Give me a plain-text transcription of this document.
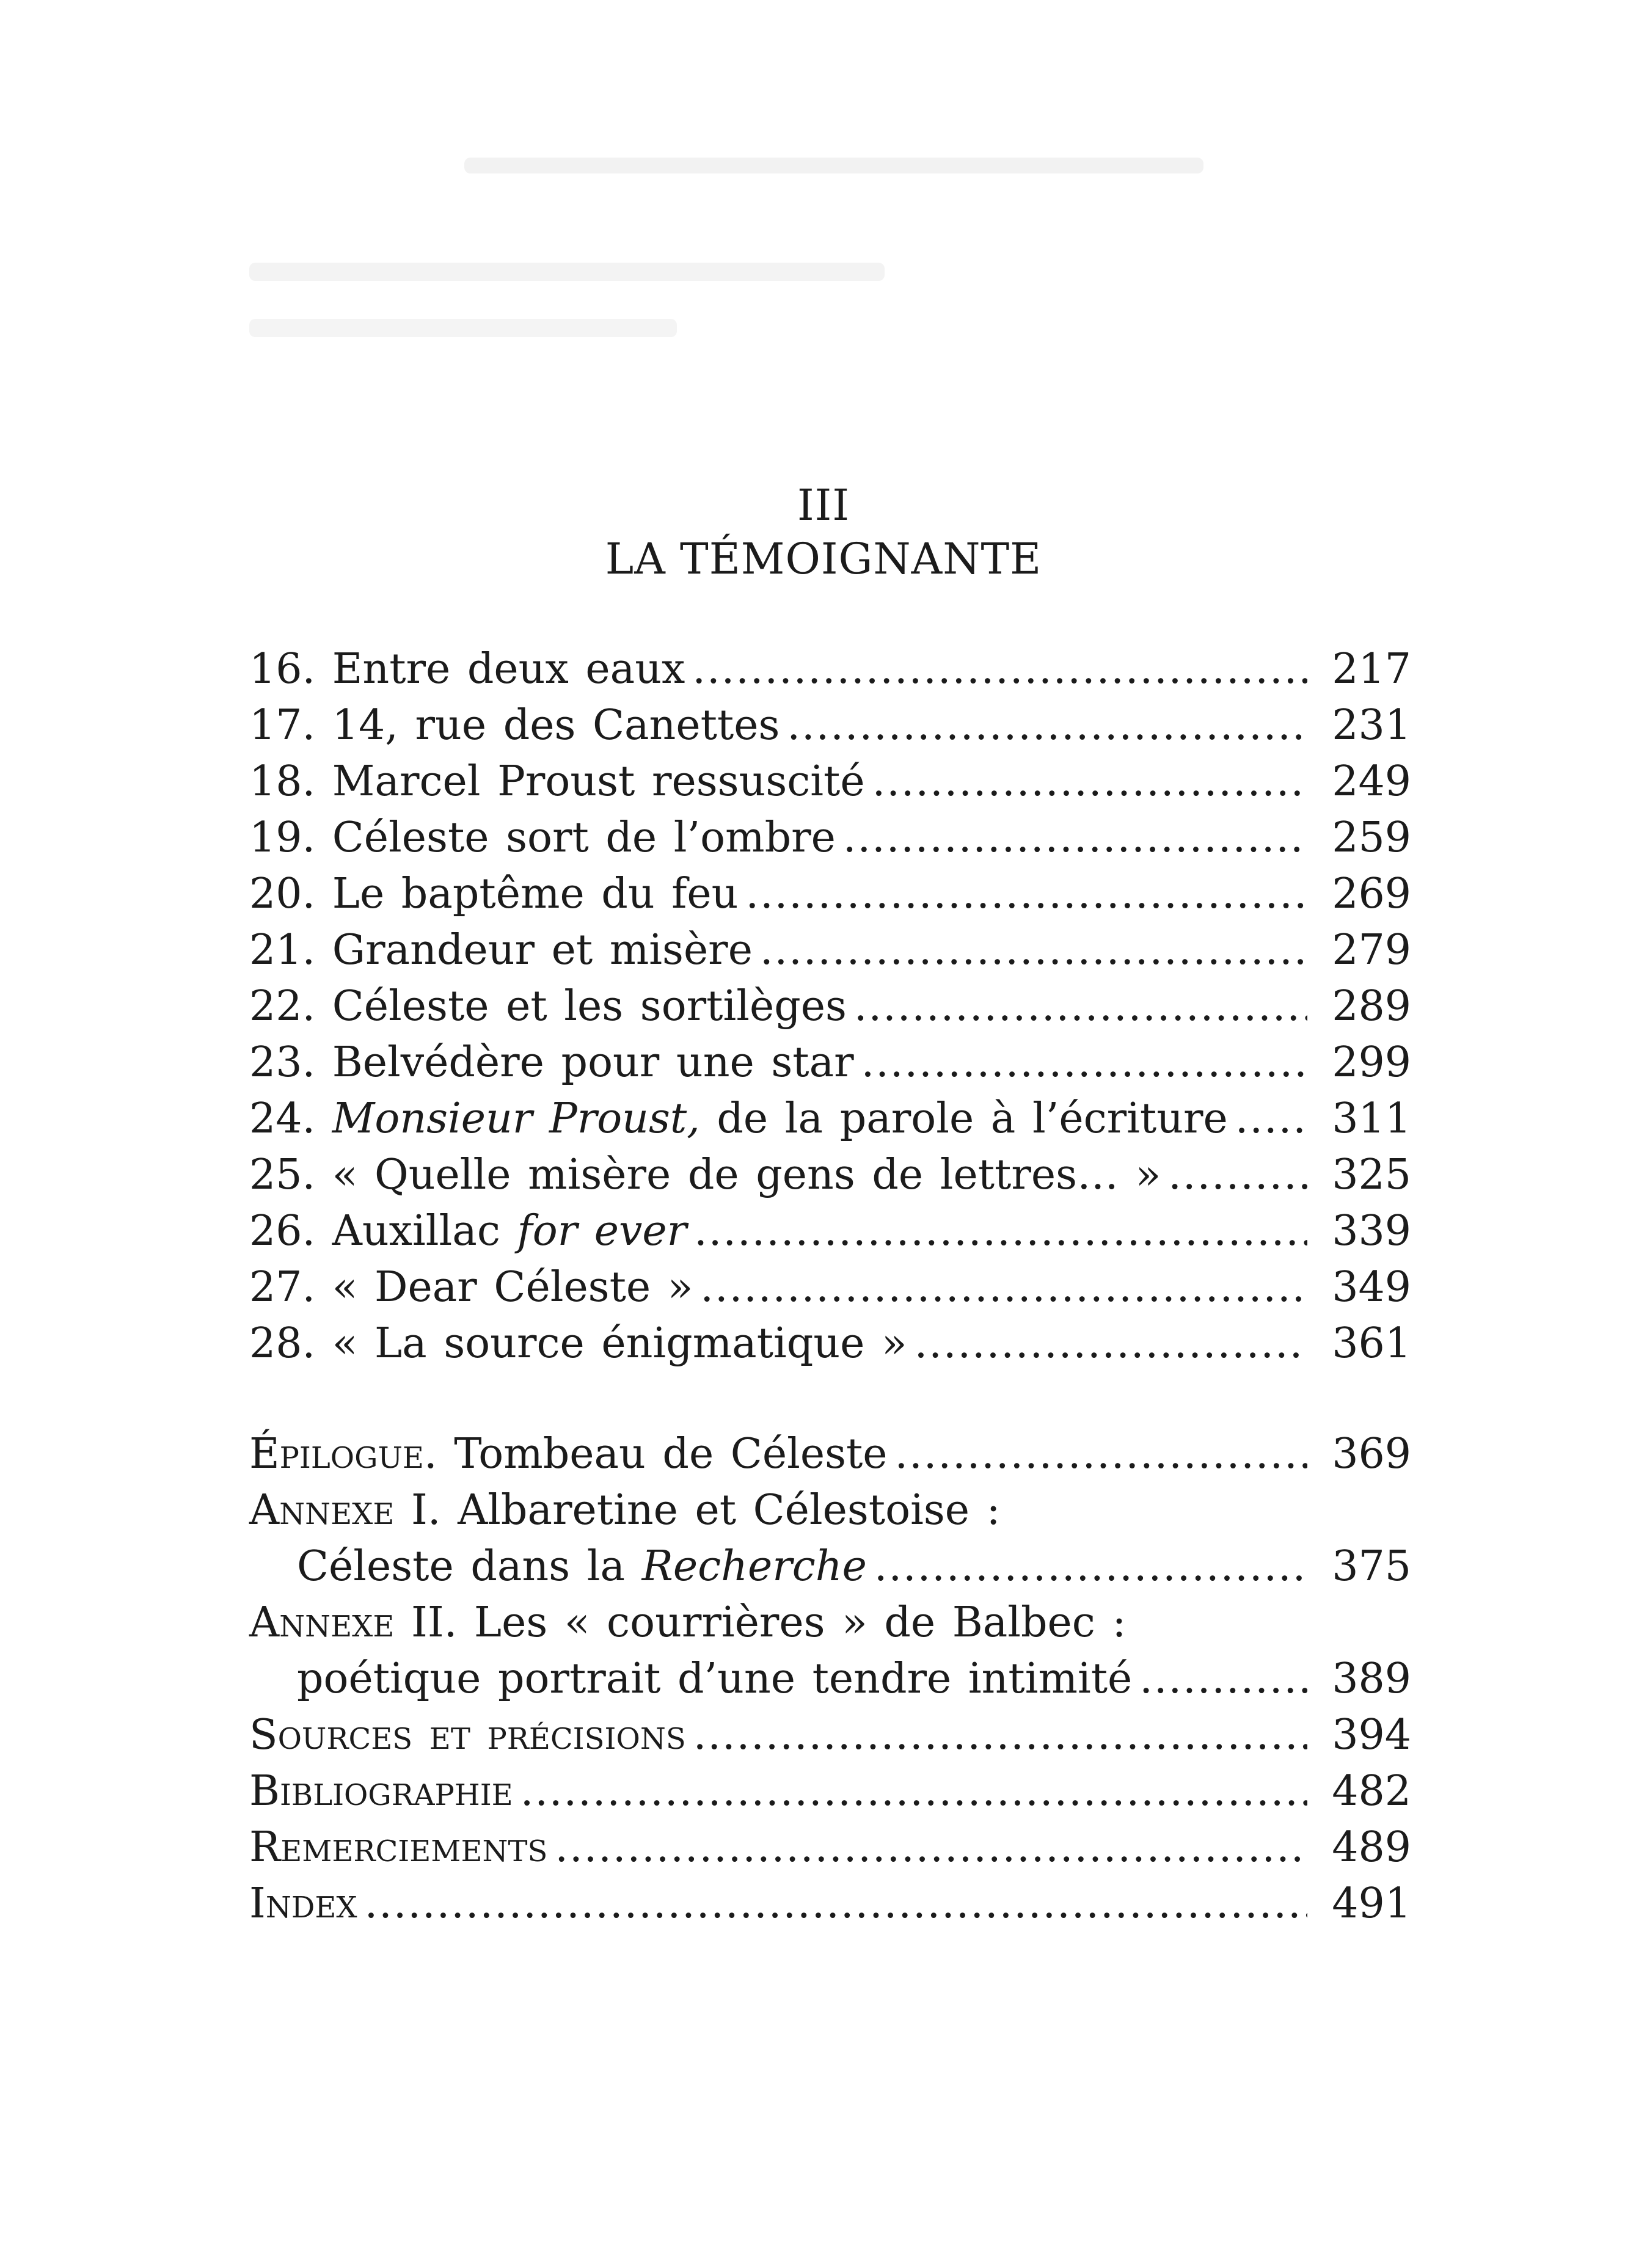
III
LA TÉMOIGNANTE
16. Entre deux eaux .....	217
17. 14, rue des Canettes .....	231
18. Marcel Proust ressuscité .....	249
19. Céleste sort de l’ombre .....	259
20. Le baptême du feu .....	269
21. Grandeur et misère .....	279
22. Céleste et les sortilèges .....	289
23. Belvédère pour une star .....	299
24. Monsieur Proust, de la parole à l’écriture .....	311
25. « Quelle misère de gens de lettres… » .....	325
26. Auxillac for ever .....	339
27. « Dear Céleste » .....	349
28. « La source énigmatique » .....	361
Épilogue. Tombeau de Céleste .....	369
Annexe I. Albaretine et Célestoise :
Céleste dans la Recherche .....	375
Annexe II. Les « courrières » de Balbec :
poétique portrait d’une tendre intimité .....	389
Sources et précisions .....	394
Bibliographie .....	482
Remerciements .....	489
Index .....	491
